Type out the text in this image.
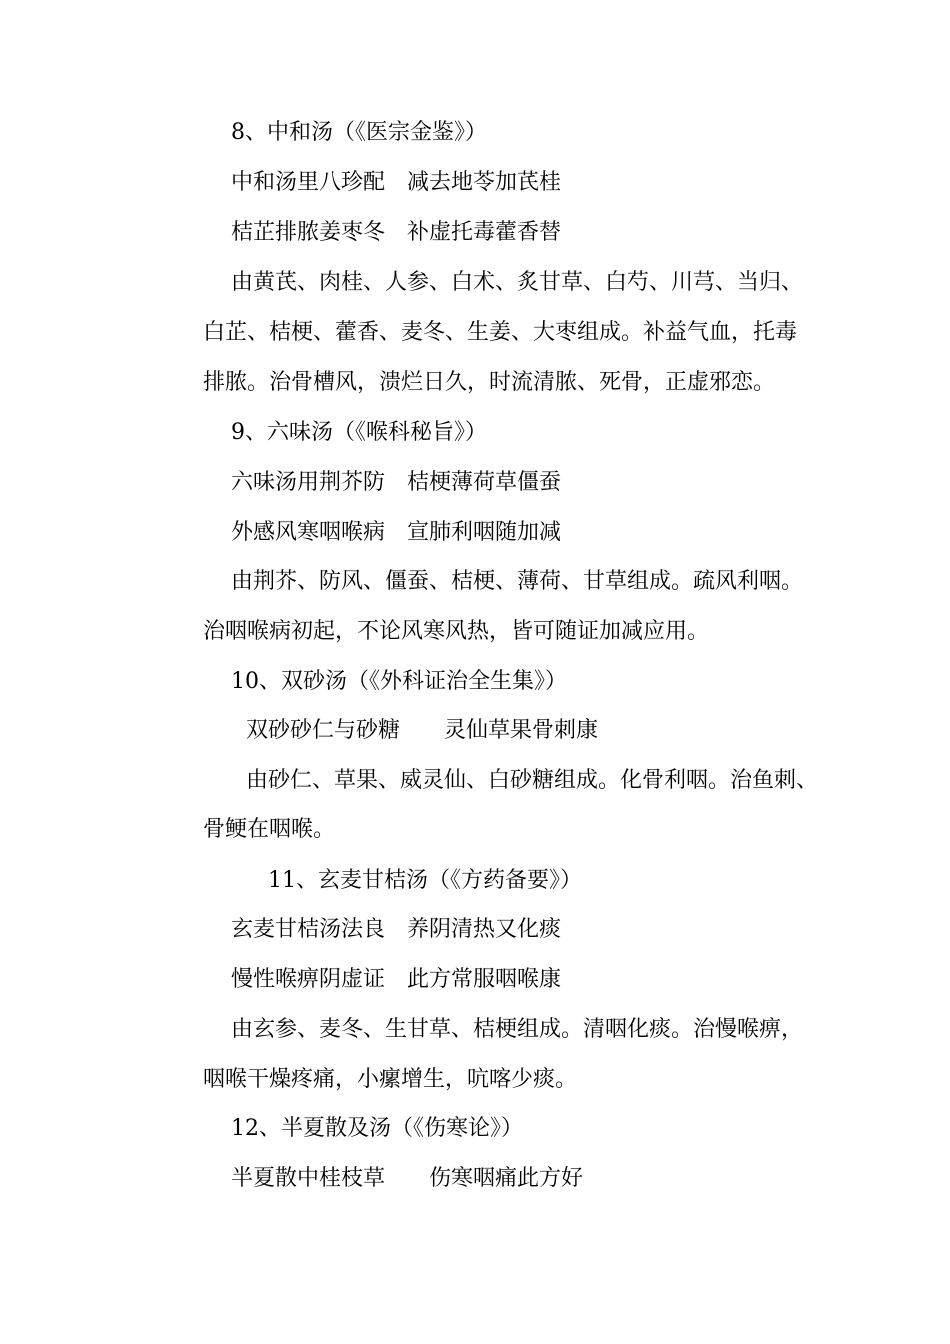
8、中和汤（《医宗金鉴》）
中和汤里八珍配　减去地苓加芪桂
桔芷排脓姜枣冬　补虚托毒藿香替
由黄芪、肉桂、人参、白术、炙甘草、白芍、川芎、当归、
白芷、桔梗、藿香、麦冬、生姜、大枣组成。补益气血，托毒
排脓。治骨槽风，溃烂日久，时流清脓、死骨，正虚邪恋。
9、六味汤（《喉科秘旨》）
六味汤用荆芥防　桔梗薄荷草僵蚕
外感风寒咽喉病　宣肺利咽随加减
由荆芥、防风、僵蚕、桔梗、薄荷、甘草组成。疏风利咽。
治咽喉病初起，不论风寒风热，皆可随证加减应用。
10、双砂汤（《外科证治全生集》）
双砂砂仁与砂糖　　灵仙草果骨刺康
由砂仁、草果、威灵仙、白砂糖组成。化骨利咽。治鱼刺、
骨鲠在咽喉。
11、玄麦甘桔汤（《方药备要》）
玄麦甘桔汤法良　养阴清热又化痰
慢性喉痹阴虚证　此方常服咽喉康
由玄参、麦冬、生甘草、桔梗组成。清咽化痰。治慢喉痹，
咽喉干燥疼痛，小瘰增生，吭喀少痰。
12、半夏散及汤（《伤寒论》）
半夏散中桂枝草　　伤寒咽痛此方好
